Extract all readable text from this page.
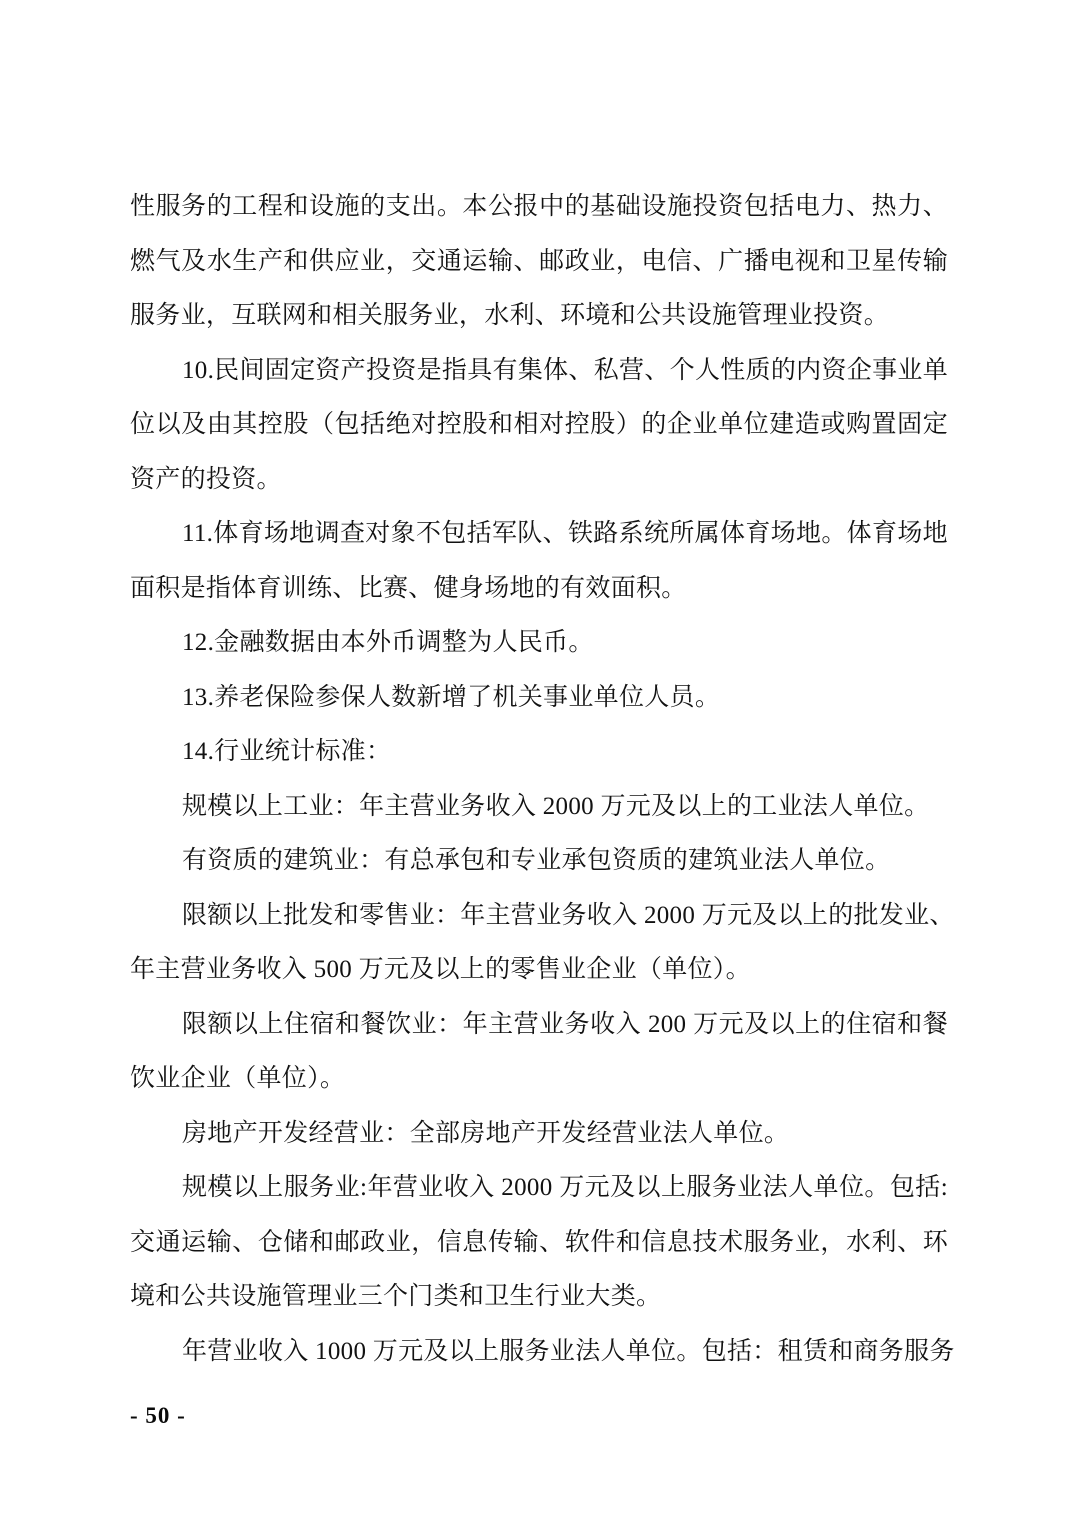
性服务的工程和设施的支出。本公报中的基础设施投资包括电力、热力、
燃气及水生产和供应业，交通运输、邮政业，电信、广播电视和卫星传输
服务业，互联网和相关服务业，水利、环境和公共设施管理业投资。
10.民间固定资产投资是指具有集体、私营、个人性质的内资企事业单
位以及由其控股（包括绝对控股和相对控股）的企业单位建造或购置固定
资产的投资。
11.体育场地调查对象不包括军队、铁路系统所属体育场地。体育场地
面积是指体育训练、比赛、健身场地的有效面积。
12.金融数据由本外币调整为人民币。
13.养老保险参保人数新增了机关事业单位人员。
14.行业统计标准：
规模以上工业：年主营业务收入 2000 万元及以上的工业法人单位。
有资质的建筑业：有总承包和专业承包资质的建筑业法人单位。
限额以上批发和零售业：年主营业务收入 2000 万元及以上的批发业、
年主营业务收入 500 万元及以上的零售业企业（单位）。
限额以上住宿和餐饮业：年主营业务收入 200 万元及以上的住宿和餐
饮业企业（单位）。
房地产开发经营业：全部房地产开发经营业法人单位。
规模以上服务业:年营业收入 2000 万元及以上服务业法人单位。包括:
交通运输、仓储和邮政业，信息传输、软件和信息技术服务业，水利、环
境和公共设施管理业三个门类和卫生行业大类。
年营业收入 1000 万元及以上服务业法人单位。包括：租赁和商务服务
- 50 -
